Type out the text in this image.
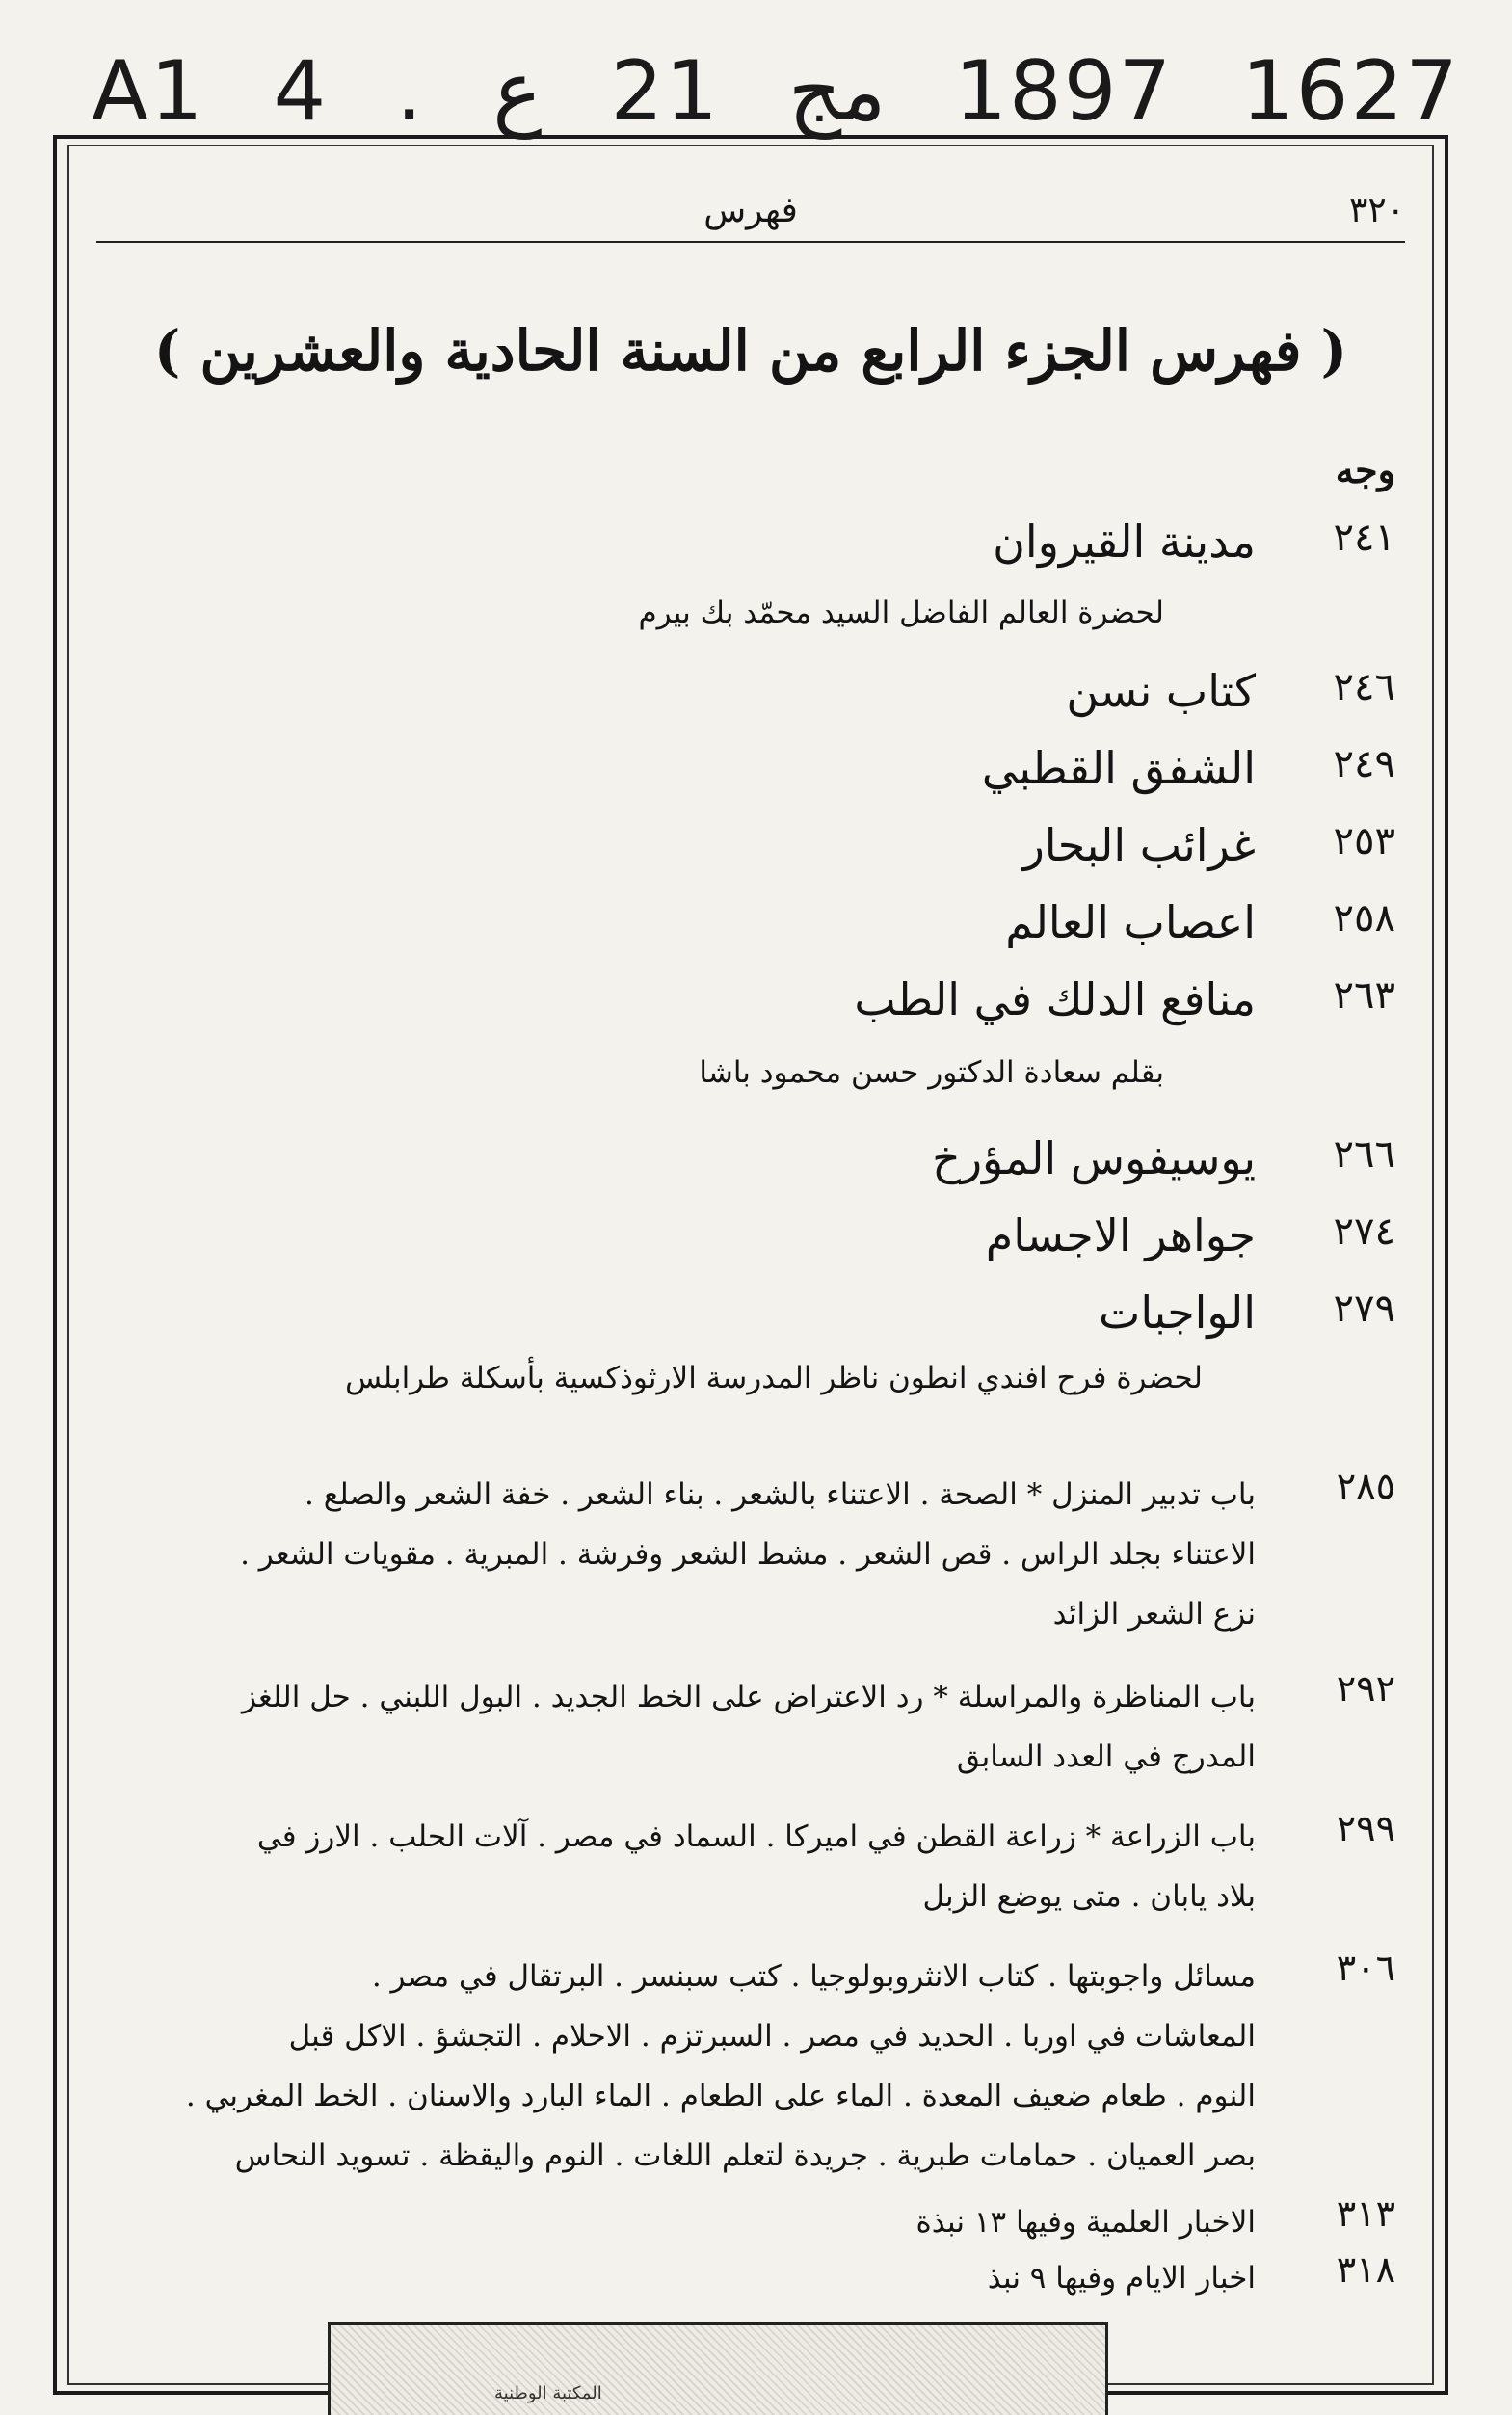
A1 4 . ع 21 مج 1897 1627
٣٢٠
فهرس
( فهرس الجزء الرابع من السنة الحادية والعشرين )
وجه
٢٤١
مدينة القيروان
لحضرة العالم الفاضل السيد محمّد بك بيرم
٢٤٦
كتاب نسن
٢٤٩
الشفق القطبي
٢٥٣
غرائب البحار
٢٥٨
اعصاب العالم
٢٦٣
منافع الدلك في الطب
بقلم سعادة الدكتور حسن محمود باشا
٢٦٦
يوسيفوس المؤرخ
٢٧٤
جواهر الاجسام
٢٧٩
الواجبات
لحضرة فرح افندي انطون ناظر المدرسة الارثوذكسية بأسكلة طرابلس
٢٨٥
باب تدبير المنزل * الصحة . الاعتناء بالشعر . بناء الشعر . خفة الشعر والصلع .
الاعتناء بجلد الراس . قص الشعر . مشط الشعر وفرشة . المبرية . مقويات الشعر .
نزع الشعر الزائد
٢٩٢
باب المناظرة والمراسلة * رد الاعتراض على الخط الجديد . البول اللبني . حل اللغز
المدرج في العدد السابق
٢٩٩
باب الزراعة * زراعة القطن في اميركا . السماد في مصر . آلات الحلب . الارز في
بلاد يابان . متى يوضع الزبل
٣٠٦
مسائل واجوبتها . كتاب الانثروبولوجيا . كتب سبنسر . البرتقال في مصر .
المعاشات في اوربا . الحديد في مصر . السبرتزم . الاحلام . التجشؤ . الاكل قبل
النوم . طعام ضعيف المعدة . الماء على الطعام . الماء البارد والاسنان . الخط المغربي .
بصر العميان . حمامات طبرية . جريدة لتعلم اللغات . النوم واليقظة . تسويد النحاس
٣١٣
الاخبار العلمية وفيها ١٣ نبذة
٣١٨
اخبار الايام وفيها ٩ نبذ
المكتبة الوطنية
